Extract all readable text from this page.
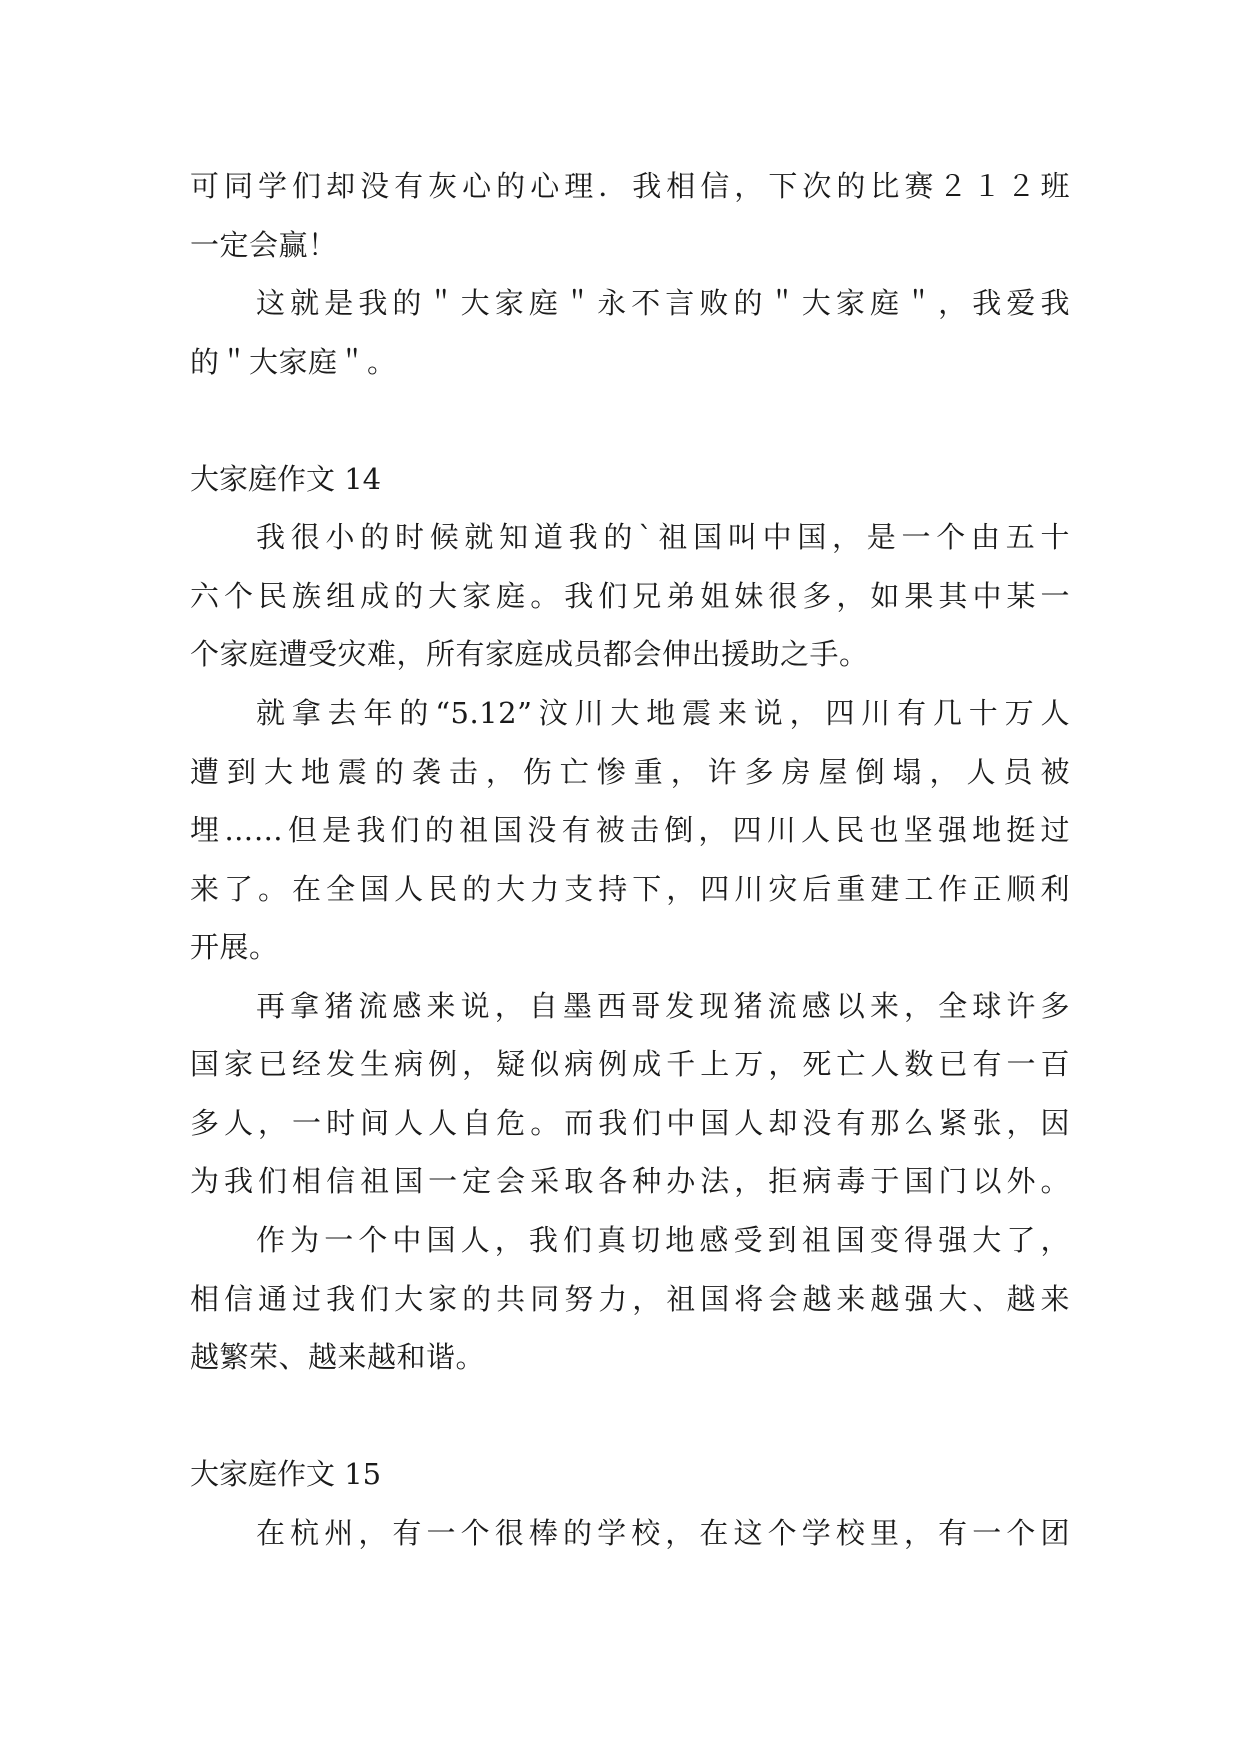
可同学们却没有灰心的心理．我相信，下次的比赛２１２班
一定会赢！
这就是我的＂大家庭＂永不言败的＂大家庭＂，我爱我
的＂大家庭＂。
大家庭作文 14
我很小的时候就知道我的`祖国叫中国，是一个由五十
六个民族组成的大家庭。我们兄弟姐妹很多，如果其中某一
个家庭遭受灾难，所有家庭成员都会伸出援助之手。
就拿去年的“5.12”汶川大地震来说，四川有几十万人
遭到大地震的袭击，伤亡惨重，许多房屋倒塌，人员被
埋……但是我们的祖国没有被击倒，四川人民也坚强地挺过
来了。在全国人民的大力支持下，四川灾后重建工作正顺利
开展。
再拿猪流感来说，自墨西哥发现猪流感以来，全球许多
国家已经发生病例，疑似病例成千上万，死亡人数已有一百
多人，一时间人人自危。而我们中国人却没有那么紧张，因
为我们相信祖国一定会采取各种办法，拒病毒于国门以外。
作为一个中国人，我们真切地感受到祖国变得强大了，
相信通过我们大家的共同努力，祖国将会越来越强大、越来
越繁荣、越来越和谐。
大家庭作文 15
在杭州，有一个很棒的学校，在这个学校里，有一个团
